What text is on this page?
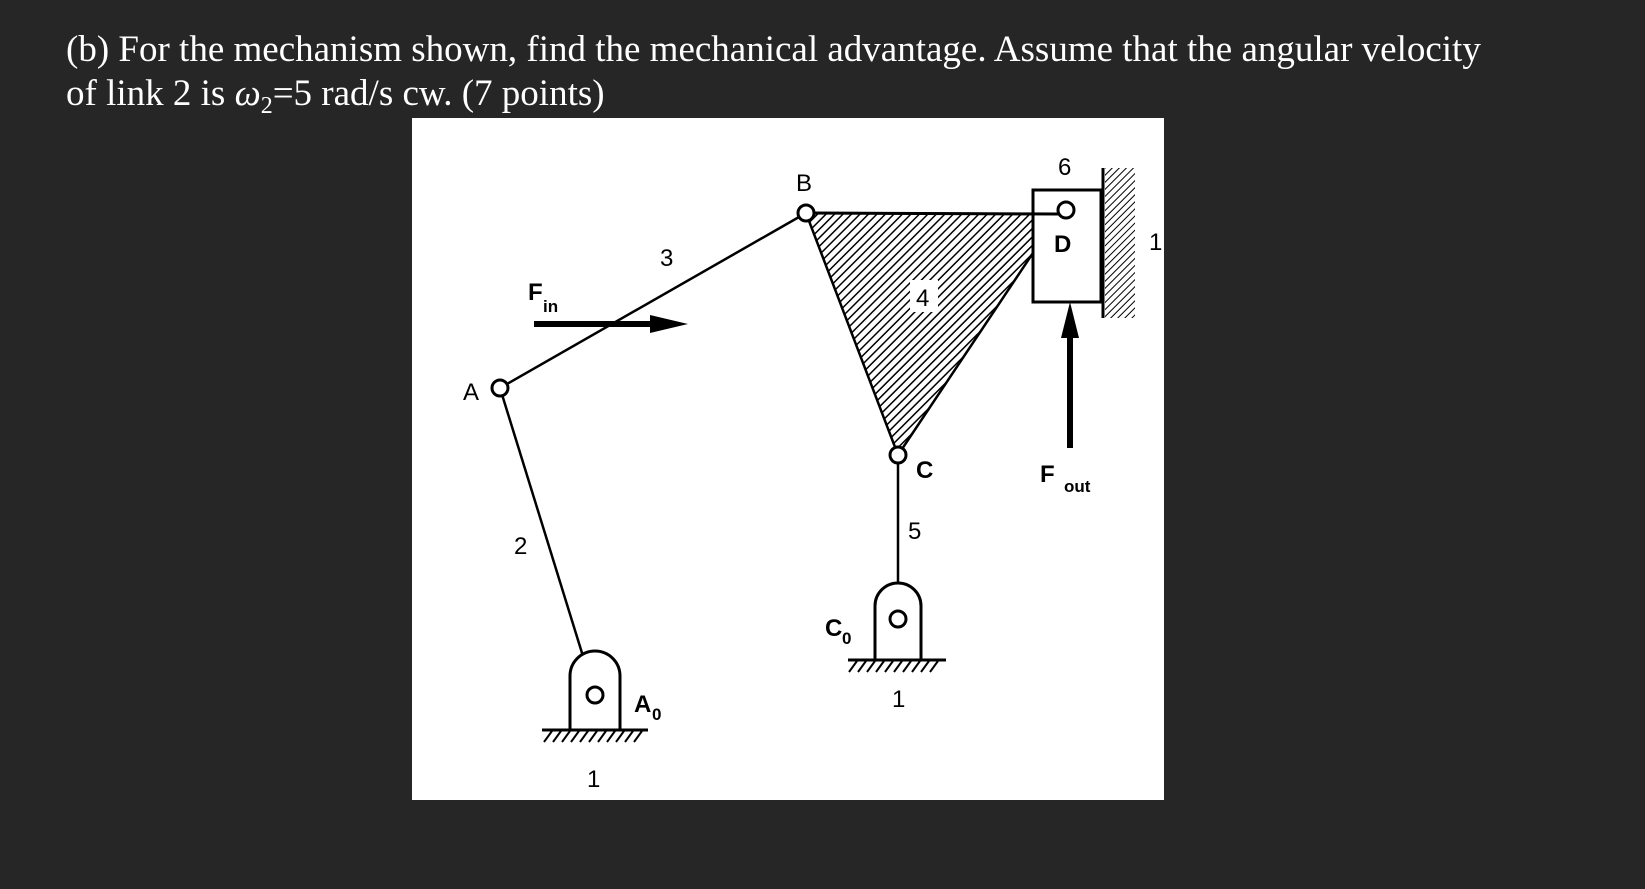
(b) For the mechanism shown, find the mechanical advantage. Assume that the angular velocity
of link 2 is $\omega_2=5$ rad/s cw. (7 points)

A
B
C
D
2
3
4
5
6
1
1
1
A 0
C 0
F
in
F out
